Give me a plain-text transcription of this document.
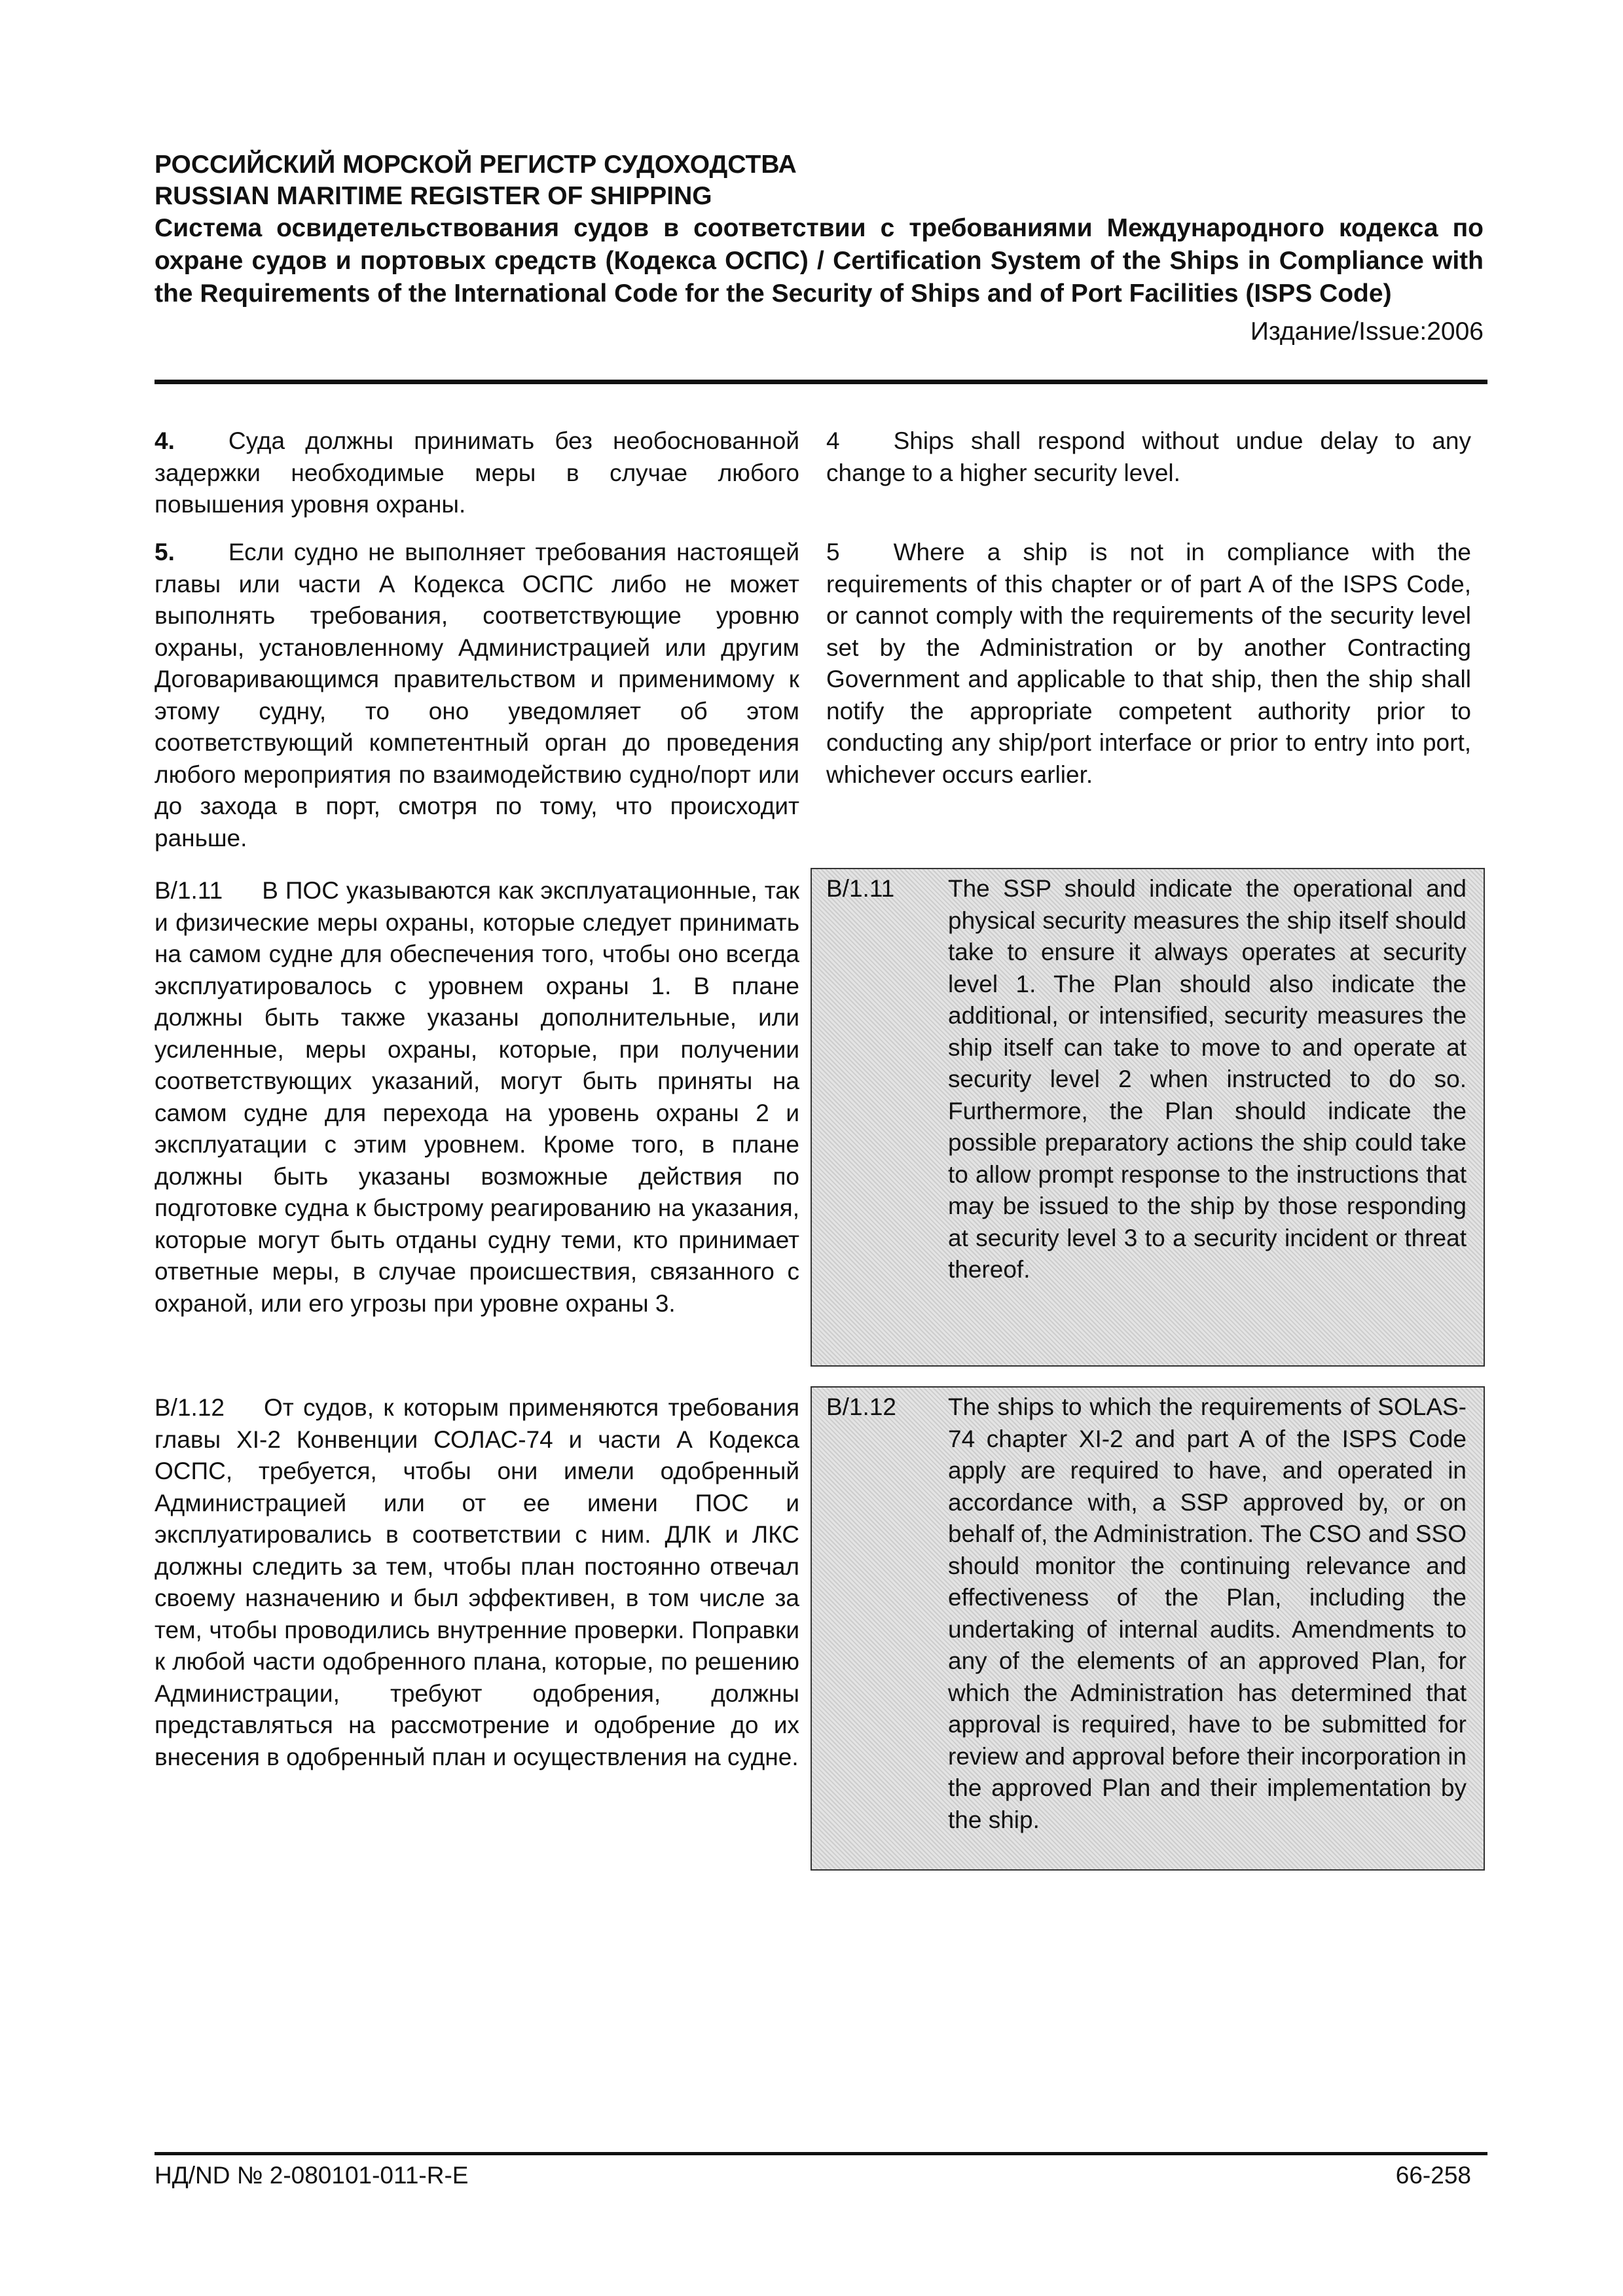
РОССИЙСКИЙ МОРСКОЙ РЕГИСТР СУДОХОДСТВА

RUSSIAN MARITIME REGISTER OF SHIPPING

Система освидетельствования судов в соответствии с требованиями Международного кодекса по охране судов и портовых средств (Кодекса ОСПС) / Certification System of the Ships in Compliance with the Requirements of the International Code for the Security of Ships and of Port Facilities (ISPS Code)

Издание/Issue:2006

4. Суда должны принимать без необоснованной задержки необходимые меры в случае любого повышения уровня охраны.

4 Ships shall respond without undue delay to any change to a higher security level.

5. Если судно не выполняет требования настоящей главы или части А Кодекса ОСПС либо не может выполнять требования, соответствующие уровню охраны, установленному Администрацией или другим Договаривающимся правительством и применимому к этому судну, то оно уведомляет об этом соответствующий компетентный орган до проведения любого мероприятия по взаимодействию судно/порт или до захода в порт, смотря по тому, что происходит раньше.

5 Where a ship is not in compliance with the requirements of this chapter or of part A of the ISPS Code, or cannot comply with the requirements of the security level set by the Administration or by another Contracting Government and applicable to that ship, then the ship shall notify the appropriate competent authority prior to conducting any ship/port interface or prior to entry into port, whichever occurs earlier.

B/1.11 В ПОС указываются как эксплуатационные, так и физические меры охраны, которые следует принимать на самом судне для обеспечения того, чтобы оно всегда эксплуатировалось с уровнем охраны 1. В плане должны быть также указаны дополнительные, или усиленные, меры охраны, которые, при получении соответствующих указаний, могут быть приняты на самом судне для перехода на уровень охраны 2 и эксплуатации с этим уровнем. Кроме того, в плане должны быть указаны возможные действия по подготовке судна к быстрому реагированию на указания, которые могут быть отданы судну теми, кто принимает ответные меры, в случае происшествия, связанного с охраной, или его угрозы при уровне охраны 3.

B/1.11 The SSP should indicate the operational and physical security measures the ship itself should take to ensure it always operates at security level 1. The Plan should also indicate the additional, or intensified, security measures the ship itself can take to move to and operate at security level 2 when instructed to do so. Furthermore, the Plan should indicate the possible preparatory actions the ship could take to allow prompt response to the instructions that may be issued to the ship by those responding at security level 3 to a security incident or threat thereof.

B/1.12 От судов, к которым применяются требования главы XI-2 Конвенции СОЛАС-74 и части А Кодекса ОСПС, требуется, чтобы они имели одобренный Администрацией или от ее имени ПОС и эксплуатировались в соответствии с ним. ДЛК и ЛКС должны следить за тем, чтобы план постоянно отвечал своему назначению и был эффективен, в том числе за тем, чтобы проводились внутренние проверки. Поправки к любой части одобренного плана, которые, по решению Администрации, требуют одобрения, должны представляться на рассмотрение и одобрение до их внесения в одобренный план и осуществления на судне.

B/1.12 The ships to which the requirements of SOLAS-74 chapter XI-2 and part A of the ISPS Code apply are required to have, and operated in accordance with, a SSP approved by, or on behalf of, the Administration. The CSO and SSO should monitor the continuing relevance and effectiveness of the Plan, including the undertaking of internal audits. Amendments to any of the elements of an approved Plan, for which the Administration has determined that approval is required, have to be submitted for review and approval before their incorporation in the approved Plan and their implementation by the ship.
НД/ND № 2-080101-011-R-E	66-258
